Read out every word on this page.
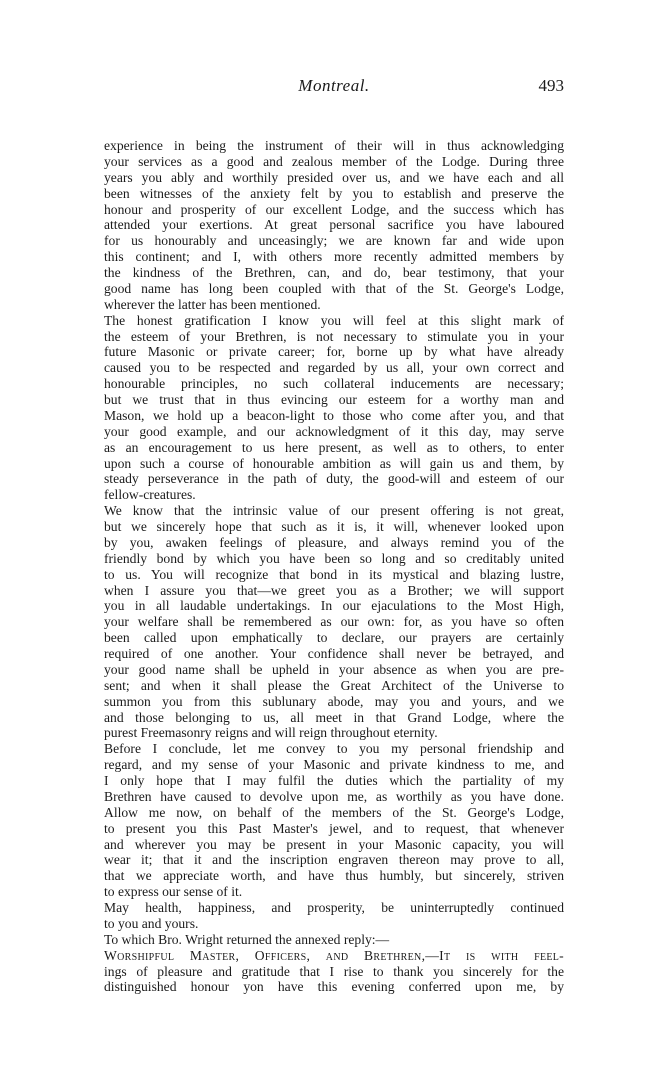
Montreal.	493
experience in being the instrument of their will in thus acknowledging
your services as a good and zealous member of the Lodge. During three
years you ably and worthily presided over us, and we have each and all
been witnesses of the anxiety felt by you to establish and preserve the
honour and prosperity of our excellent Lodge, and the success which has
attended your exertions. At great personal sacrifice you have laboured
for us honourably and unceasingly; we are known far and wide upon
this continent; and I, with others more recently admitted members by
the kindness of the Brethren, can, and do, bear testimony, that your
good name has long been coupled with that of the St. George's Lodge,
wherever the latter has been mentioned.
The honest gratification I know you will feel at this slight mark of
the esteem of your Brethren, is not necessary to stimulate you in your
future Masonic or private career; for, borne up by what have already
caused you to be respected and regarded by us all, your own correct and
honourable principles, no such collateral inducements are necessary;
but we trust that in thus evincing our esteem for a worthy man and
Mason, we hold up a beacon-light to those who come after you, and that
your good example, and our acknowledgment of it this day, may serve
as an encouragement to us here present, as well as to others, to enter
upon such a course of honourable ambition as will gain us and them, by
steady perseverance in the path of duty, the good-will and esteem of our
fellow-creatures.
We know that the intrinsic value of our present offering is not great,
but we sincerely hope that such as it is, it will, whenever looked upon
by you, awaken feelings of pleasure, and always remind you of the
friendly bond by which you have been so long and so creditably united
to us. You will recognize that bond in its mystical and blazing lustre,
when I assure you that—we greet you as a Brother; we will support
you in all laudable undertakings. In our ejaculations to the Most High,
your welfare shall be remembered as our own: for, as you have so often
been called upon emphatically to declare, our prayers are certainly
required of one another. Your confidence shall never be betrayed, and
your good name shall be upheld in your absence as when you are pre-
sent; and when it shall please the Great Architect of the Universe to
summon you from this sublunary abode, may you and yours, and we
and those belonging to us, all meet in that Grand Lodge, where the
purest Freemasonry reigns and will reign throughout eternity.
Before I conclude, let me convey to you my personal friendship and
regard, and my sense of your Masonic and private kindness to me, and
I only hope that I may fulfil the duties which the partiality of my
Brethren have caused to devolve upon me, as worthily as you have done.
Allow me now, on behalf of the members of the St. George's Lodge,
to present you this Past Master's jewel, and to request, that whenever
and wherever you may be present in your Masonic capacity, you will
wear it; that it and the inscription engraven thereon may prove to all,
that we appreciate worth, and have thus humbly, but sincerely, striven
to express our sense of it.
May health, happiness, and prosperity, be uninterruptedly continued
to you and yours.
To which Bro. Wright returned the annexed reply:—
Worshipful Master, Officers, and Brethren,—It is with feel-
ings of pleasure and gratitude that I rise to thank you sincerely for the
distinguished honour yon have this evening conferred upon me, by
